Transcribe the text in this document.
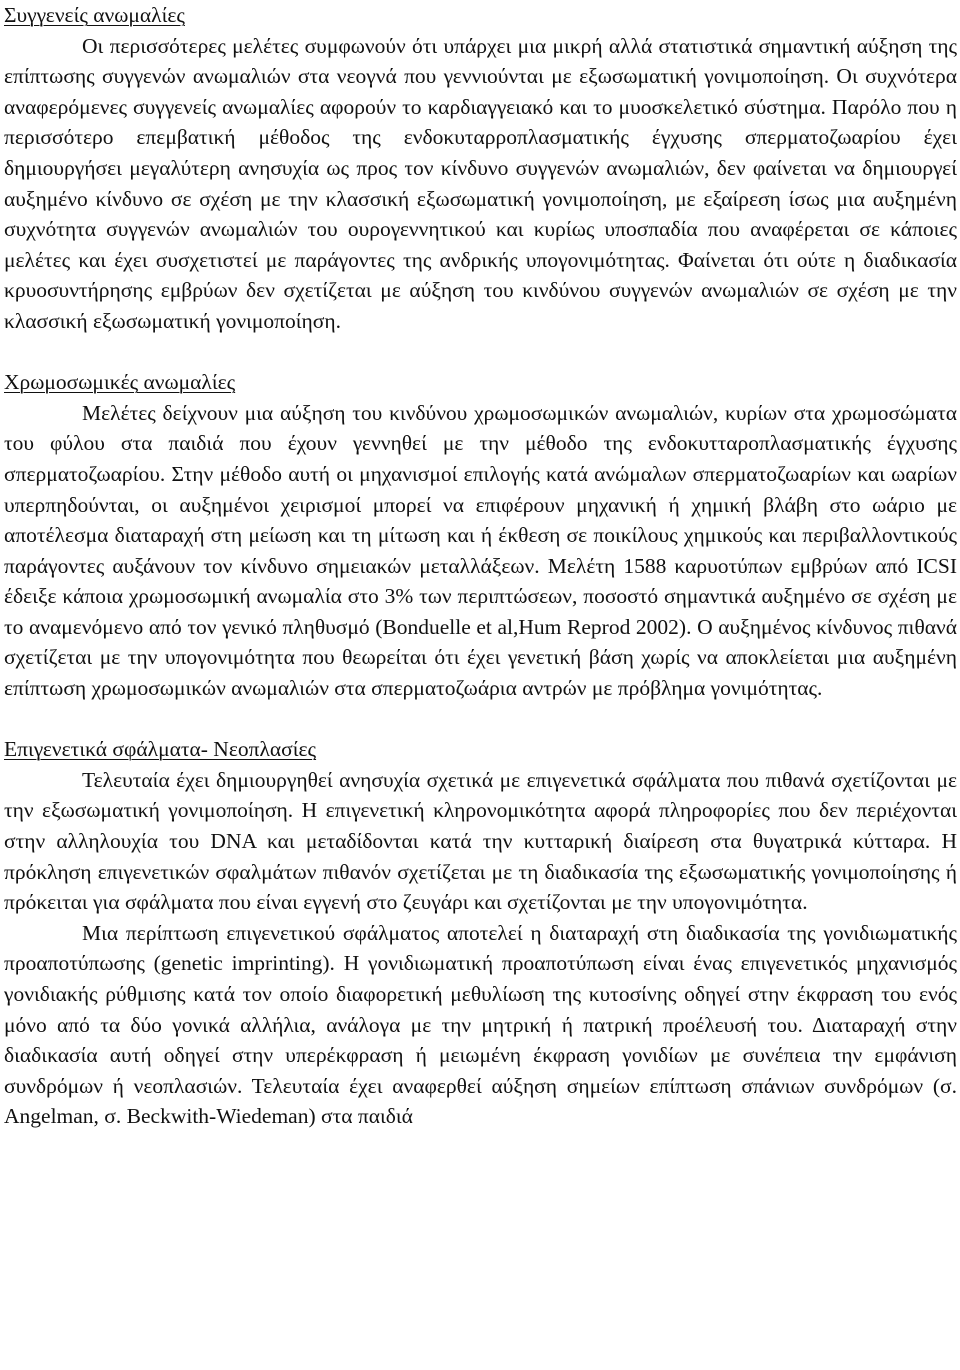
Συγγενείς ανωμαλίες

Οι περισσότερες μελέτες συμφωνούν ότι υπάρχει μια μικρή αλλά στατιστικά σημαντική αύξηση της επίπτωσης συγγενών ανωμαλιών στα νεογνά που γεννιούνται με εξωσωματική γονιμοποίηση. Οι συχνότερα αναφερόμενες συγγενείς ανωμαλίες αφορούν το καρδιαγγειακό και το μυοσκελετικό σύστημα. Παρόλο που η περισσότερο επεμβατική μέθοδος της ενδοκυταρροπλασματικής έγχυσης σπερματοζωαρίου έχει δημιουργήσει μεγαλύτερη ανησυχία ως προς τον κίνδυνο συγγενών ανωμαλιών, δεν φαίνεται να δημιουργεί αυξημένο κίνδυνο σε σχέση με την κλασσική εξωσωματική γονιμοποίηση, με εξαίρεση ίσως μια αυξημένη συχνότητα συγγενών ανωμαλιών του ουρογεννητικού και κυρίως υποσπαδία που αναφέρεται σε κάποιες μελέτες και έχει συσχετιστεί με παράγοντες της ανδρικής υπογονιμότητας. Φαίνεται ότι ούτε η διαδικασία κρυοσυντήρησης εμβρύων δεν σχετίζεται με αύξηση του κινδύνου συγγενών ανωμαλιών σε σχέση με την κλασσική εξωσωματική γονιμοποίηση.

Χρωμοσωμικές ανωμαλίες

Μελέτες δείχνουν μια αύξηση του κινδύνου χρωμοσωμικών ανωμαλιών, κυρίων στα χρωμοσώματα του φύλου στα παιδιά που έχουν γεννηθεί με την μέθοδο της ενδοκυτταροπλασματικής έγχυσης σπερματοζωαρίου. Στην μέθοδο αυτή οι μηχανισμοί επιλογής κατά ανώμαλων σπερματοζωαρίων και ωαρίων υπερπηδούνται, οι αυξημένοι χειρισμοί μπορεί να επιφέρουν μηχανική ή χημική βλάβη στο ωάριο με αποτέλεσμα διαταραχή στη μείωση και τη μίτωση και ή έκθεση σε ποικίλους χημικούς και περιβαλλοντικούς παράγοντες αυξάνουν τον κίνδυνο σημειακών μεταλλάξεων. Μελέτη 1588 καρυοτύπων εμβρύων από ICSI έδειξε κάποια χρωμοσωμική ανωμαλία στο 3% των περιπτώσεων, ποσοστό σημαντικά αυξημένο σε σχέση με το αναμενόμενο από τον γενικό πληθυσμό (Bonduelle et al,Hum Reprod 2002). Ο αυξημένος κίνδυνος πιθανά σχετίζεται με την υπογονιμότητα που θεωρείται ότι έχει γενετική βάση χωρίς να αποκλείεται μια αυξημένη επίπτωση χρωμοσωμικών ανωμαλιών στα σπερματοζωάρια αντρών με πρόβλημα γονιμότητας.

Επιγενετικά σφάλματα- Νεοπλασίες

Τελευταία έχει δημιουργηθεί ανησυχία σχετικά με επιγενετικά σφάλματα που πιθανά σχετίζονται με την εξωσωματική γονιμοποίηση. Η επιγενετική κληρονομικότητα αφορά πληροφορίες που δεν περιέχονται στην αλληλουχία του DNA και μεταδίδονται κατά την κυτταρική διαίρεση στα θυγατρικά κύτταρα. Η πρόκληση επιγενετικών σφαλμάτων πιθανόν σχετίζεται με τη διαδικασία της εξωσωματικής γονιμοποίησης ή πρόκειται για σφάλματα που είναι εγγενή στο ζευγάρι και σχετίζονται με την υπογονιμότητα.

Μια περίπτωση επιγενετικού σφάλματος αποτελεί η διαταραχή στη διαδικασία της γονιδιωματικής προαποτύπωσης (genetic imprinting). Η γονιδιωματική προαποτύπωση είναι ένας επιγενετικός μηχανισμός γονιδιακής ρύθμισης κατά τον οποίο διαφορετική μεθυλίωση της κυτοσίνης οδηγεί στην έκφραση του ενός μόνο από τα δύο γονικά αλλήλια, ανάλογα με την μητρική ή πατρική προέλευσή του. Διαταραχή στην διαδικασία αυτή οδηγεί στην υπερέκφραση ή μειωμένη έκφραση γονιδίων με συνέπεια την εμφάνιση συνδρόμων ή νεοπλασιών. Τελευταία έχει αναφερθεί αύξηση σημείων επίπτωση σπάνιων συνδρόμων (σ. Angelman, σ. Beckwith-Wiedeman) στα παιδιά
